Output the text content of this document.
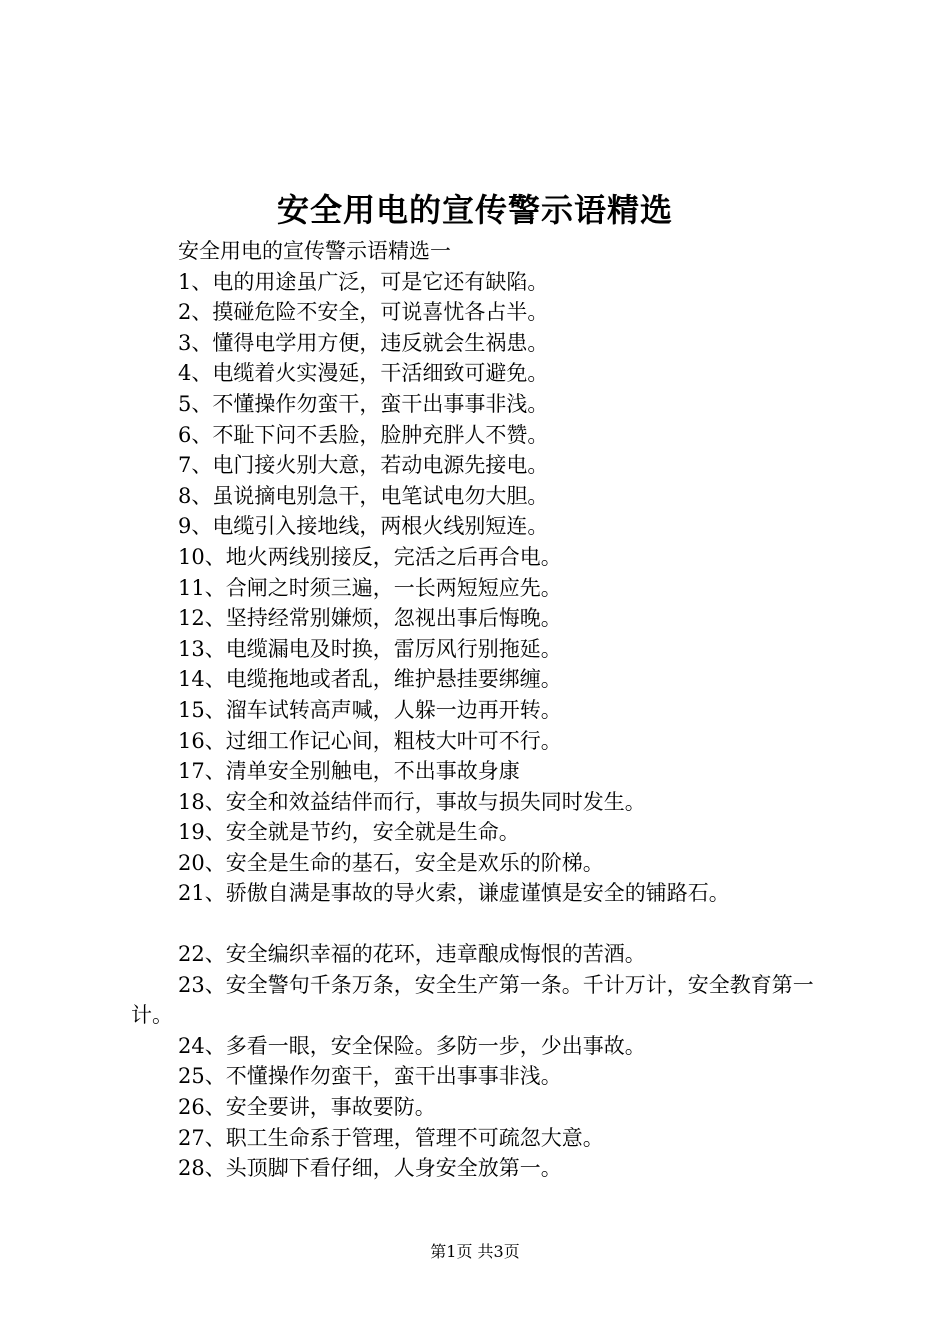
安全用电的宣传警示语精选

安全用电的宣传警示语精选一

1、电的用途虽广泛，可是它还有缺陷。

2、摸碰危险不安全，可说喜忧各占半。

3、懂得电学用方便，违反就会生祸患。

4、电缆着火实漫延，干活细致可避免。

5、不懂操作勿蛮干，蛮干出事事非浅。

6、不耻下问不丢脸，脸肿充胖人不赞。

7、电门接火别大意，若动电源先接电。

8、虽说摘电别急干，电笔试电勿大胆。

9、电缆引入接地线，两根火线别短连。

10、地火两线别接反，完活之后再合电。

11、合闸之时须三遍，一长两短短应先。

12、坚持经常别嫌烦，忽视出事后悔晚。

13、电缆漏电及时换，雷厉风行别拖延。

14、电缆拖地或者乱，维护悬挂要绑缠。

15、溜车试转高声喊，人躲一边再开转。

16、过细工作记心间，粗枝大叶可不行。

17、清单安全别触电，不出事故身康

18、安全和效益结伴而行，事故与损失同时发生。

19、安全就是节约，安全就是生命。

20、安全是生命的基石，安全是欢乐的阶梯。

21、骄傲自满是事故的导火索，谦虚谨慎是安全的铺路石。

22、安全编织幸福的花环，违章酿成悔恨的苦酒。

23、安全警句千条万条，安全生产第一条。千计万计，安全教育第一计。

24、多看一眼，安全保险。多防一步，少出事故。

25、不懂操作勿蛮干，蛮干出事事非浅。

26、安全要讲，事故要防。

27、职工生命系于管理，管理不可疏忽大意。

28、头顶脚下看仔细，人身安全放第一。

第1页 共3页
